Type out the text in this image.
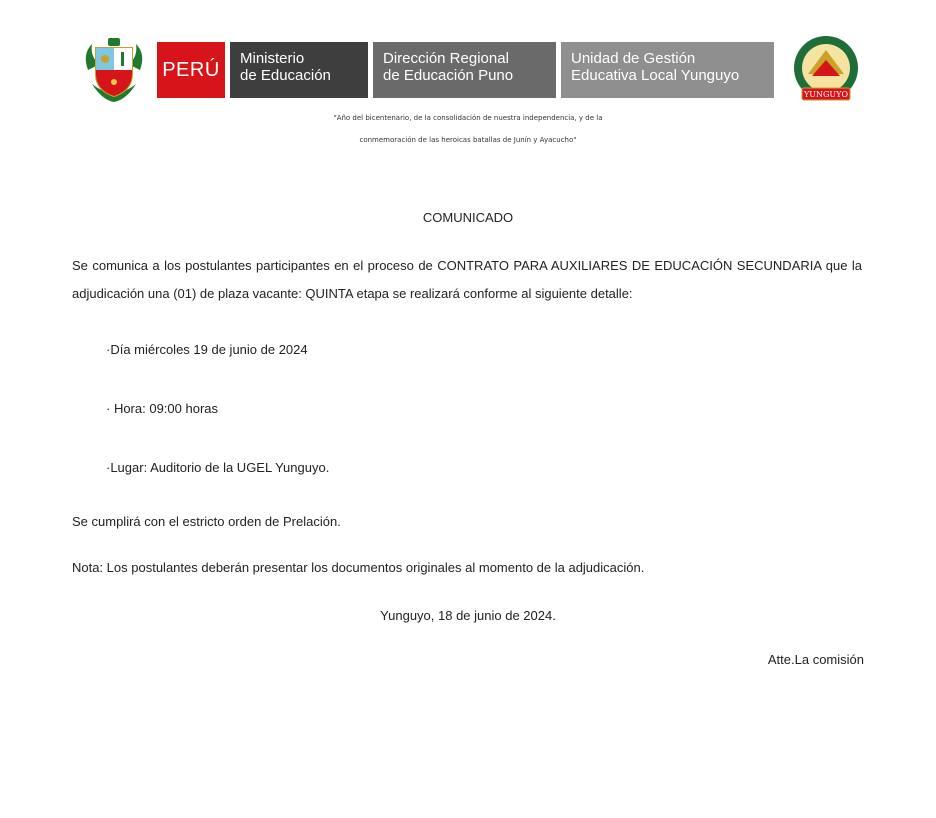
PERÚ	Ministerio
de Educación
Dirección Regional
de Educación Puno
Unidad de Gestión
Educativa Local Yunguyo
YUNGUYO
"Año del bicentenario, de la consolidación de nuestra independencia, y de la
conmemoración de las heroicas batallas de Junín y Ayacucho"
COMUNICADO
Se comunica a los postulantes participantes en el proceso de CONTRATO PARA AUXILIARES DE EDUCACIÓN SECUNDARIA que la adjudicación una (01) de plaza vacante: QUINTA etapa se realizará conforme al siguiente detalle:
·Día miércoles 19 de junio de 2024
· Hora: 09:00 horas
·Lugar: Auditorio de la UGEL Yunguyo.
Se cumplirá con el estricto orden de Prelación.
Nota: Los postulantes deberán presentar los documentos originales al momento de la adjudicación.
Yunguyo, 18 de junio de 2024.
Atte.La comisión
